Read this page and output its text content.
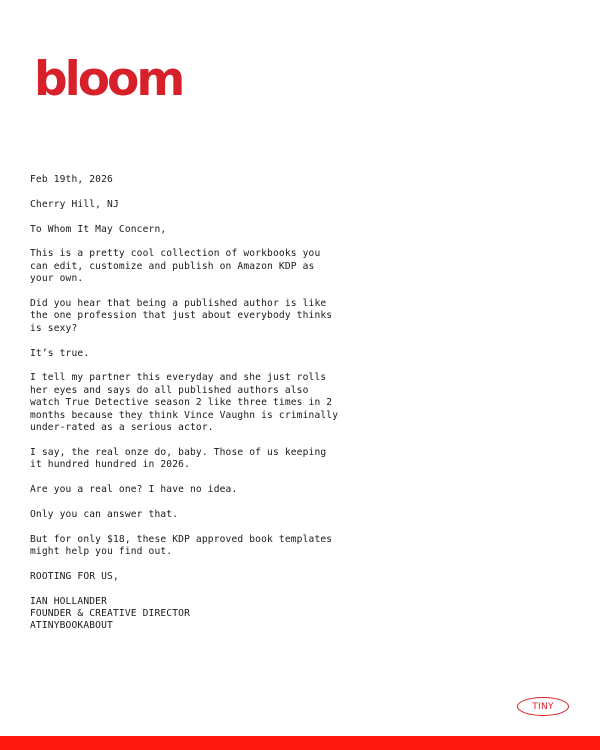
bloom

Feb 19th, 2026

Cherry Hill, NJ

To Whom It May Concern,

This is a pretty cool collection of workbooks you
can edit, customize and publish on Amazon KDP as
your own.

Did you hear that being a published author is like
the one profession that just about everybody thinks
is sexy?

It’s true.

I tell my partner this everyday and she just rolls
her eyes and says do all published authors also
watch True Detective season 2 like three times in 2
months because they think Vince Vaughn is criminally
under-rated as a serious actor.

I say, the real onze do, baby. Those of us keeping
it hundred hundred in 2026.

Are you a real one? I have no idea.

Only you can answer that.

But for only $18, these KDP approved book templates
might help you find out.

ROOTING FOR US,

IAN HOLLANDER
FOUNDER & CREATIVE DIRECTOR
ATINYBOOKABOUT
TINY
